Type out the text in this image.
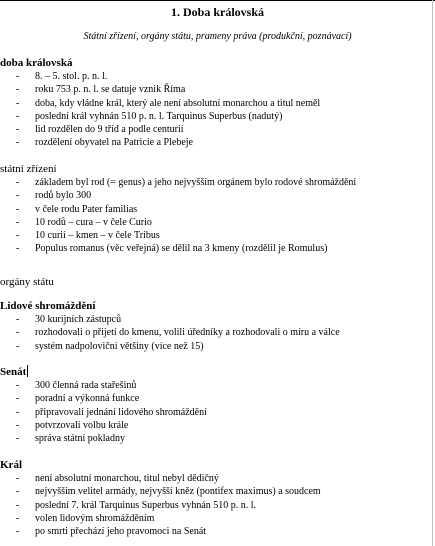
1. Doba královská
Státní zřízení, orgány státu, prameny práva (produkční, poznávací)
doba královská
- 8. – 5. stol. p. n. l.
- roku 753 p. n. l. se datuje vznik Říma
- doba, kdy vládne král, který ale není absolutní monarchou a titul neměl
- poslední král vyhnán 510 p. n. l. Tarquinus Superbus (nadutý)
- lid rozdělen do 9 tříd a podle centurií
- rozdělení obyvatel na Patricie a Plebeje
státní zřízení
- základem byl rod (= genus) a jeho nejvyšším orgánem bylo rodové shromáždění
- rodů bylo 300
- v čele rodu Pater familias
- 10 rodů – cura – v čele Curio
- 10 curií – kmen – v čele Tribus
- Populus romanus (věc veřejná) se dělil na 3 kmeny (rozdělil je Romulus)
orgány státu
Lidové shromáždění
- 30 kurijních zástupců
- rozhodovali o přijetí do kmenu, volili úředníky a rozhodovali o míru a válce
- systém nadpoloviční většiny (více než 15)
Senát
- 300 členná rada stařešinů
- poradní a výkonná funkce
- připravovali jednání lidového shromáždění
- potvrzovali volbu krále
- správa státní pokladny
Král
- není absolutní monarchou, titul nebyl dědičný
- nejvyšším velitel armády, nejvyšší kněz (pontifex maximus) a soudcem
- poslední 7. král Tarquinus Superbus vyhnán 510 p. n. l.
- volen lidovým shromážděním
- po smrti přechází jeho pravomoci na Senát
